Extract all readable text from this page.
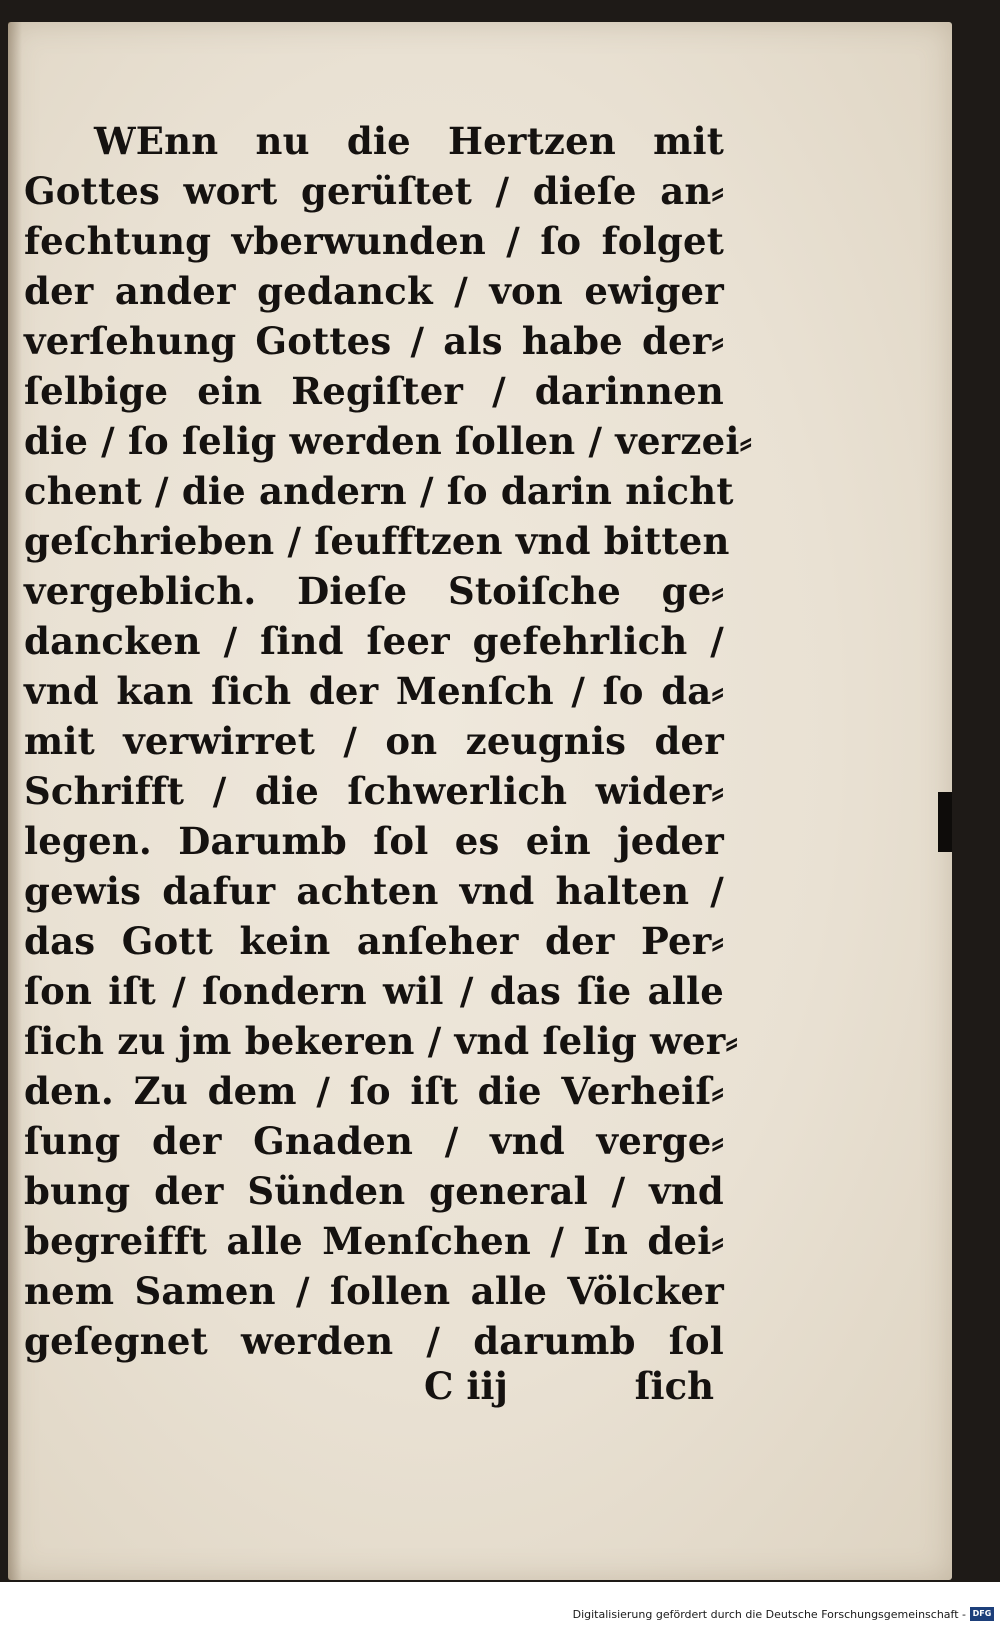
WEnn nu die Hertzen mit
Gottes wort gerüſtet / dieſe an⸗
fechtung vberwunden / ſo folget
der ander gedanck / von ewiger
verſehung Gottes / als habe der⸗
ſelbige ein Regiſter / darinnen
die / ſo ſelig werden ſollen / verzei⸗
chent / die andern / ſo darin nicht
geſchrieben / ſeufftzen vnd bitten
vergeblich. Dieſe Stoiſche ge⸗
dancken / ſind ſeer gefehrlich /
vnd kan ſich der Menſch / ſo da⸗
mit verwirret / on zeugnis der
Schrifft / die ſchwerlich wider⸗
legen. Darumb ſol es ein jeder
gewis dafur achten vnd halten /
das Gott kein anſeher der Per⸗
ſon iſt / ſondern wil / das ſie alle
ſich zu jm bekeren / vnd ſelig wer⸗
den. Zu dem / ſo iſt die Verheiſ⸗
ſung der Gnaden / vnd verge⸗
bung der Sünden general / vnd
begreifft alle Menſchen / In dei⸗
nem Samen / ſollen alle Völcker
geſegnet werden / darumb ſol
C iij	ſich
Digitalisierung gefördert durch die Deutsche Forschungsgemeinschaft - DFG
